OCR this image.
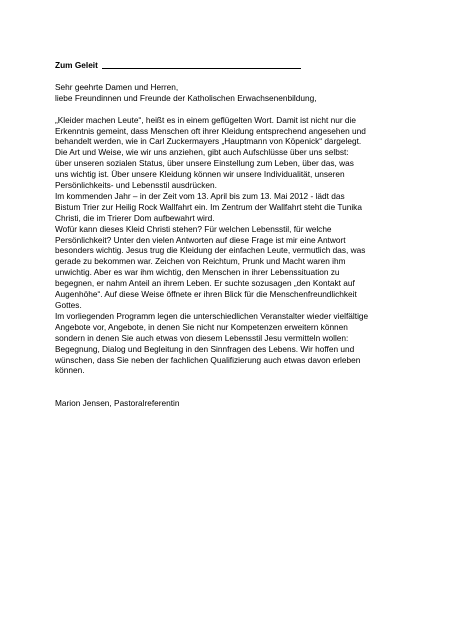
Zum Geleit

Sehr geehrte Damen und Herren,
liebe Freundinnen und Freunde der Katholischen Erwachsenenbildung,

„Kleider machen Leute“, heißt es in einem geflügelten Wort. Damit ist nicht nur die
Erkenntnis gemeint, dass Menschen oft ihrer Kleidung entsprechend angesehen und
behandelt werden, wie in Carl Zuckermayers „Hauptmann von Köpenick“ dargelegt.
Die Art und Weise, wie wir uns anziehen, gibt auch Aufschlüsse über uns selbst:
über unseren sozialen Status, über unsere Einstellung zum Leben, über das, was
uns wichtig ist. Über unsere Kleidung können wir unsere Individualität, unseren
Persönlichkeits- und Lebensstil ausdrücken.
Im kommenden Jahr – in der Zeit vom 13. April bis zum 13. Mai 2012 - lädt das
Bistum Trier zur Heilig Rock Wallfahrt ein. Im Zentrum der Wallfahrt steht die Tunika
Christi, die im Trierer Dom aufbewahrt wird.
Wofür kann dieses Kleid Christi stehen? Für welchen Lebensstil, für welche
Persönlichkeit? Unter den vielen Antworten auf diese Frage ist mir eine Antwort
besonders wichtig. Jesus trug die Kleidung der einfachen Leute, vermutlich das, was
gerade zu bekommen war. Zeichen von Reichtum, Prunk und Macht waren ihm
unwichtig. Aber es war ihm wichtig, den Menschen in ihrer Lebenssituation zu
begegnen, er nahm Anteil an ihrem Leben. Er suchte sozusagen „den Kontakt auf
Augenhöhe“. Auf diese Weise öffnete er ihren Blick für die Menschenfreundlichkeit
Gottes.
Im vorliegenden Programm legen die unterschiedlichen Veranstalter wieder vielfältige
Angebote vor, Angebote, in denen Sie nicht nur Kompetenzen erweitern können
sondern in denen Sie auch etwas von diesem Lebensstil Jesu vermitteln wollen:
Begegnung, Dialog und Begleitung in den Sinnfragen des Lebens. Wir hoffen und
wünschen, dass Sie neben der fachlichen Qualifizierung auch etwas davon erleben
können.

Marion Jensen, Pastoralreferentin
